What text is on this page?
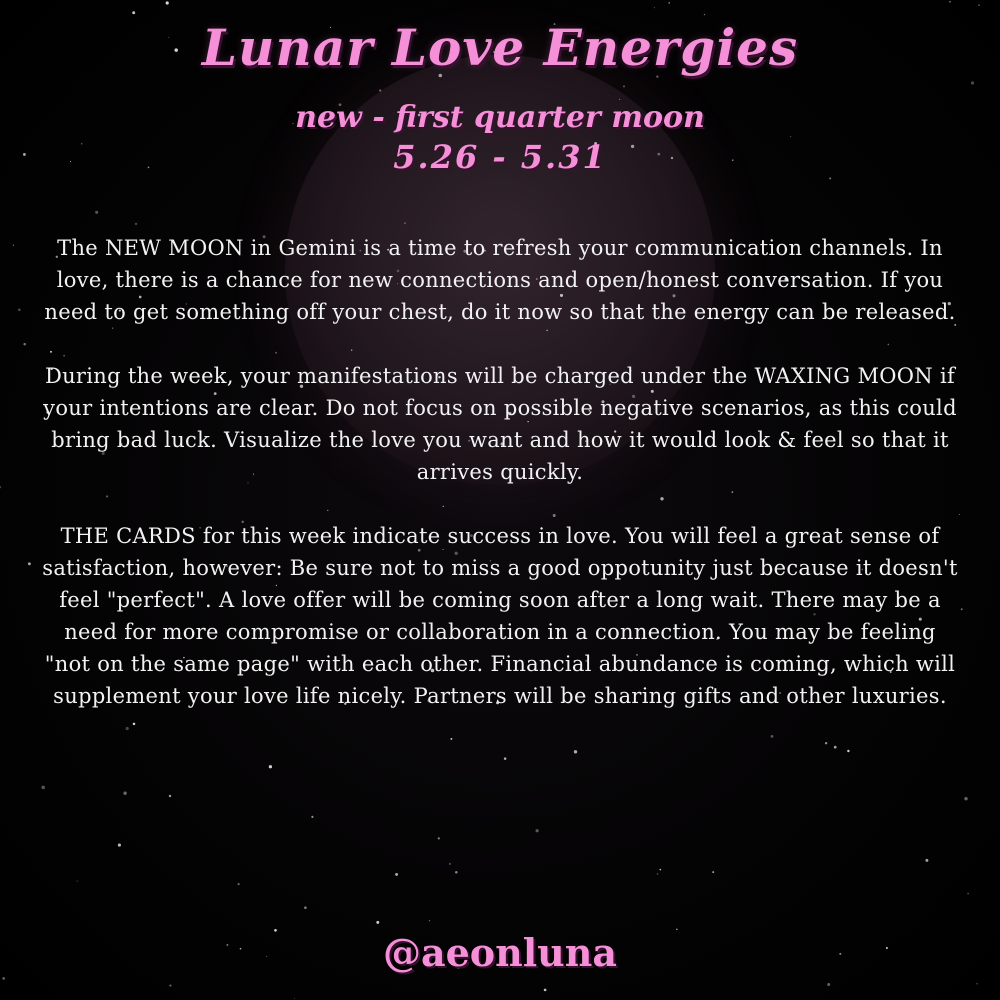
Lunar Love Energies
new - first quarter moon
5.26 - 5.31

The NEW MOON in Gemini is a time to refresh your communication channels. In love, there is a chance for new connections and open/honest conversation. If you need to get something off your chest, do it now so that the energy can be released.

During the week, your manifestations will be charged under the WAXING MOON if your intentions are clear. Do not focus on possible negative scenarios, as this could bring bad luck. Visualize the love you want and how it would look & feel so that it arrives quickly.

THE CARDS for this week indicate success in love. You will feel a great sense of satisfaction, however: Be sure not to miss a good oppotunity just because it doesn't feel "perfect". A love offer will be coming soon after a long wait. There may be a need for more compromise or collaboration in a connection. You may be feeling "not on the same page" with each other. Financial abundance is coming, which will supplement your love life nicely. Partners will be sharing gifts and other luxuries.

@aeonluna
